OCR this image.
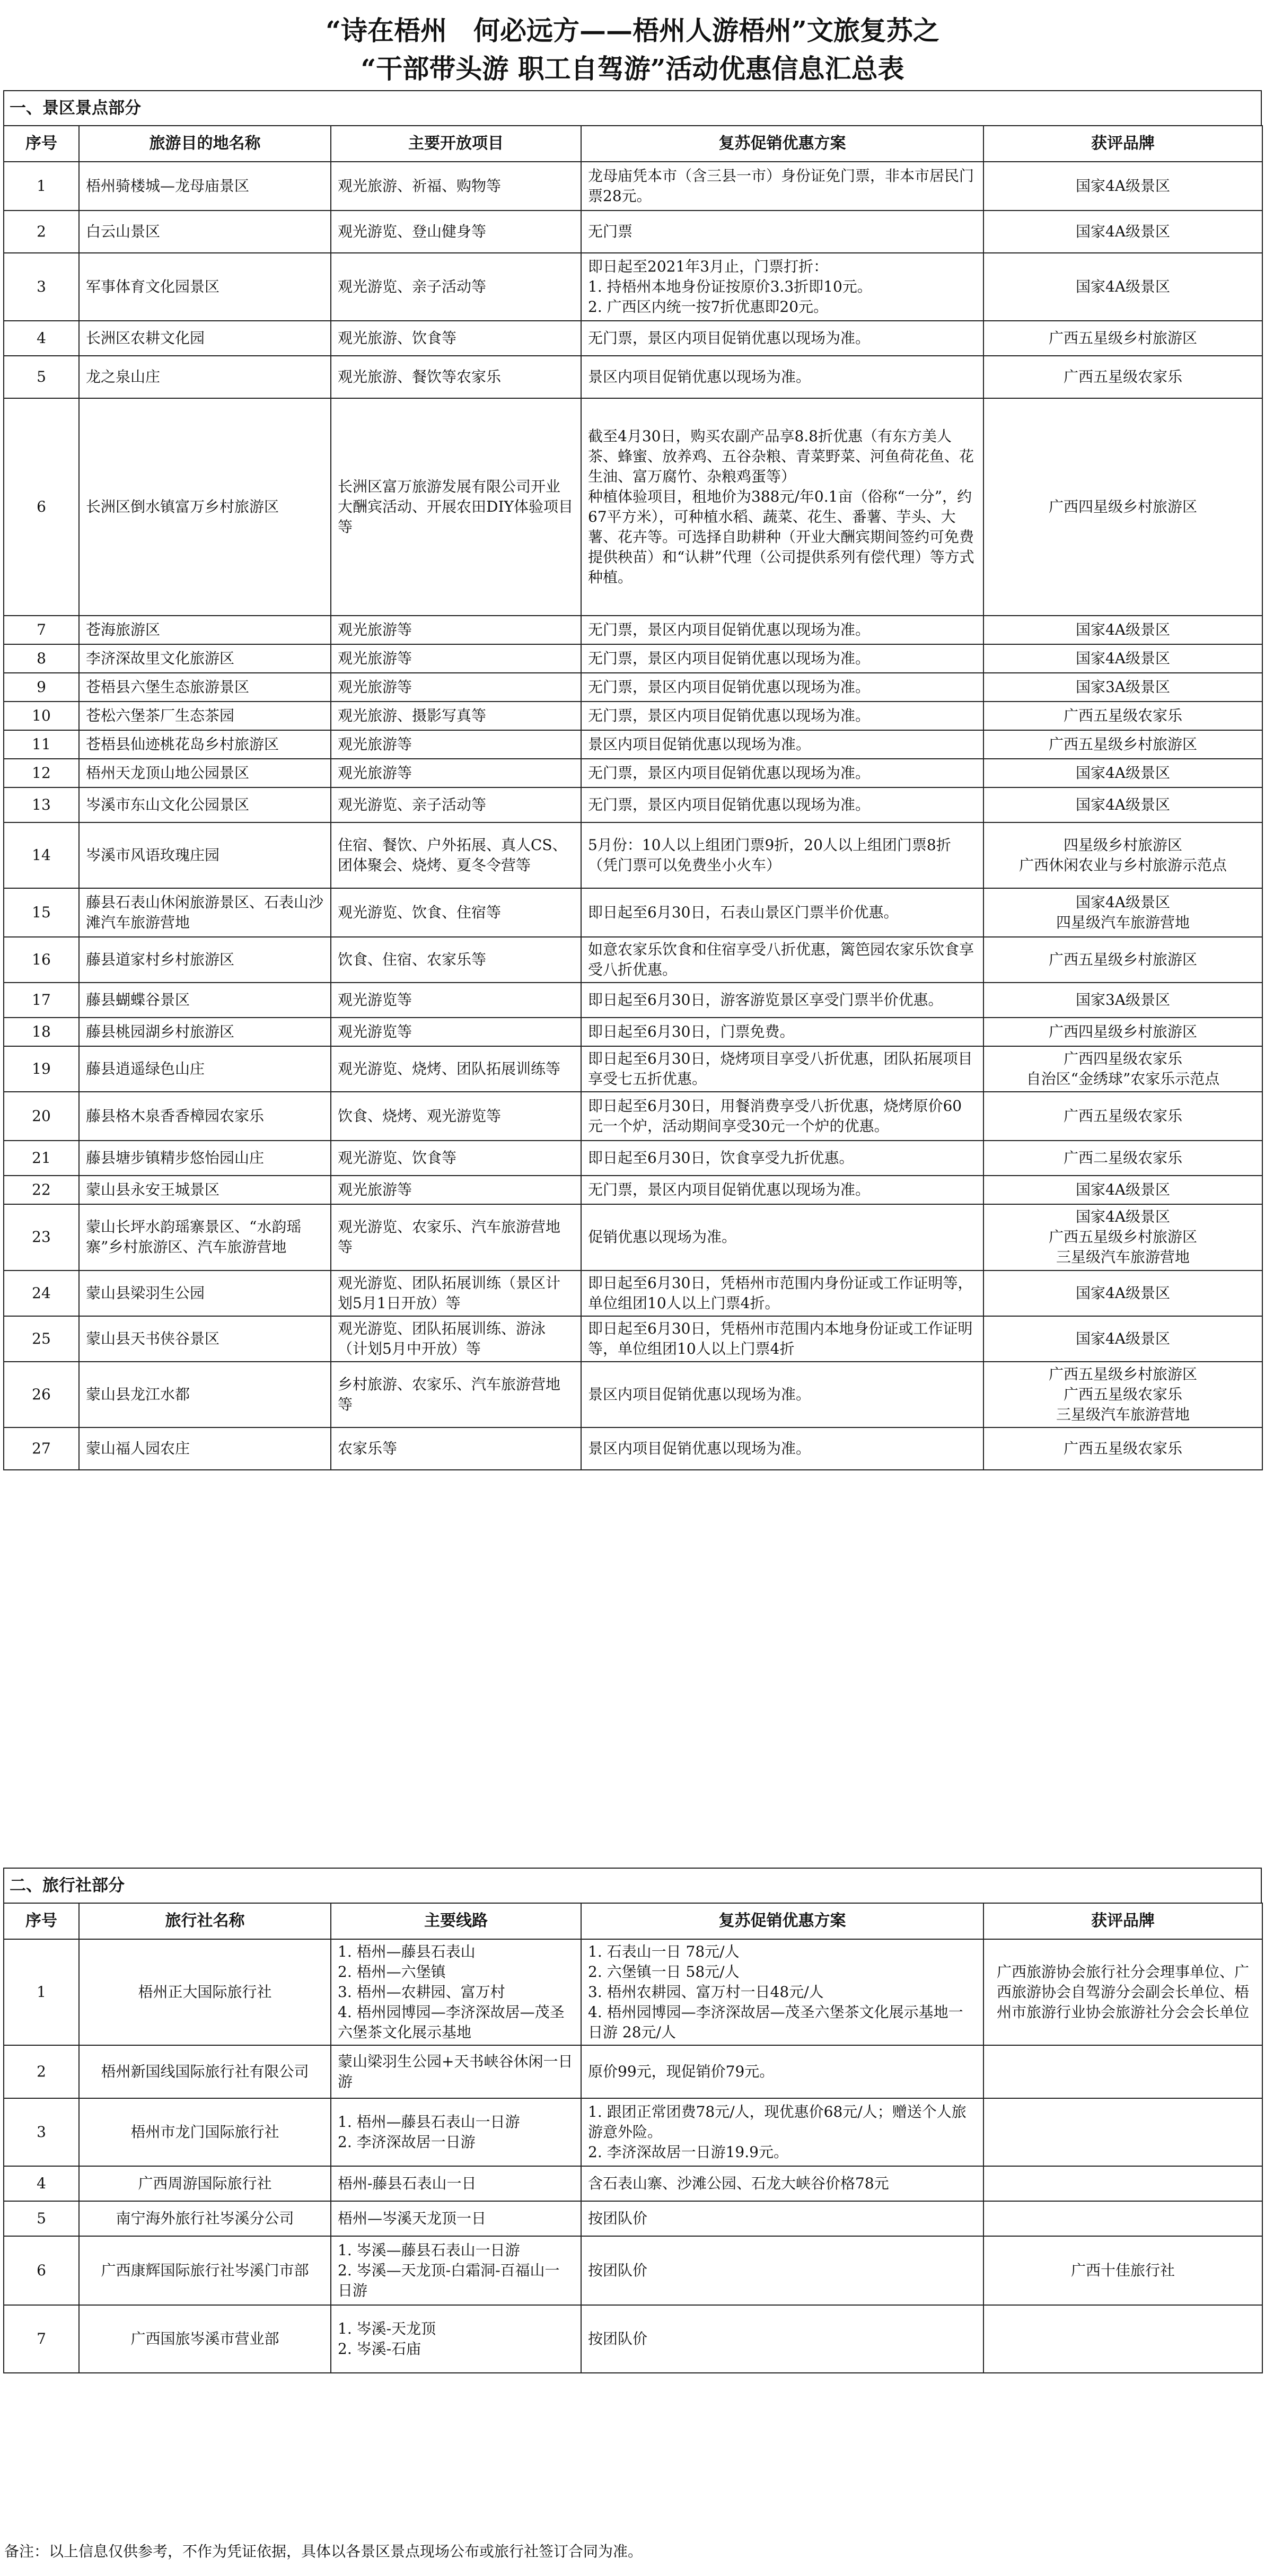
“诗在梧州　何必远方——梧州人游梧州”文旅复苏之
“干部带头游 职工自驾游”活动优惠信息汇总表
一、景区景点部分
序号	旅游目的地名称	主要开放项目	复苏促销优惠方案	获评品牌
1	梧州骑楼城—龙母庙景区	观光旅游、祈福、购物等	龙母庙凭本市（含三县一市）身份证免门票，非本市居民门票28元。	国家4A级景区
2	白云山景区	观光游览、登山健身等	无门票	国家4A级景区
3	军事体育文化园景区	观光游览、亲子活动等	即日起至2021年3月止，门票打折：
1. 持梧州本地身份证按原价3.3折即10元。
2. 广西区内统一按7折优惠即20元。	国家4A级景区
4	长洲区农耕文化园	观光旅游、饮食等	无门票，景区内项目促销优惠以现场为准。	广西五星级乡村旅游区
5	龙之泉山庄	观光旅游、餐饮等农家乐	景区内项目促销优惠以现场为准。	广西五星级农家乐
6	长洲区倒水镇富万乡村旅游区	长洲区富万旅游发展有限公司开业大酬宾活动、开展农田DIY体验项目等	截至4月30日，购买农副产品享8.8折优惠（有东方美人茶、蜂蜜、放养鸡、五谷杂粮、青菜野菜、河鱼荷花鱼、花生油、富万腐竹、杂粮鸡蛋等）
种植体验项目，租地价为388元/年0.1亩（俗称“一分”，约67平方米），可种植水稻、蔬菜、花生、番薯、芋头、大薯、花卉等。可选择自助耕种（开业大酬宾期间签约可免费提供秧苗）和“认耕”代理（公司提供系列有偿代理）等方式种植。	广西四星级乡村旅游区
7	苍海旅游区	观光旅游等	无门票，景区内项目促销优惠以现场为准。	国家4A级景区
8	李济深故里文化旅游区	观光旅游等	无门票，景区内项目促销优惠以现场为准。	国家4A级景区
9	苍梧县六堡生态旅游景区	观光旅游等	无门票，景区内项目促销优惠以现场为准。	国家3A级景区
10	苍松六堡茶厂生态茶园	观光旅游、摄影写真等	无门票，景区内项目促销优惠以现场为准。	广西五星级农家乐
11	苍梧县仙迹桃花岛乡村旅游区	观光旅游等	景区内项目促销优惠以现场为准。	广西五星级乡村旅游区
12	梧州天龙顶山地公园景区	观光旅游等	无门票，景区内项目促销优惠以现场为准。	国家4A级景区
13	岑溪市东山文化公园景区	观光游览、亲子活动等	无门票，景区内项目促销优惠以现场为准。	国家4A级景区
14	岑溪市风语玫瑰庄园	住宿、餐饮、户外拓展、真人CS、团体聚会、烧烤、夏冬令营等	5月份：10人以上组团门票9折，20人以上组团门票8折（凭门票可以免费坐小火车）	四星级乡村旅游区
广西休闲农业与乡村旅游示范点
15	藤县石表山休闲旅游景区、石表山沙滩汽车旅游营地	观光游览、饮食、住宿等	即日起至6月30日，石表山景区门票半价优惠。	国家4A级景区
四星级汽车旅游营地
16	藤县道家村乡村旅游区	饮食、住宿、农家乐等	如意农家乐饮食和住宿享受八折优惠，篱笆园农家乐饮食享受八折优惠。	广西五星级乡村旅游区
17	藤县蝴蝶谷景区	观光游览等	即日起至6月30日，游客游览景区享受门票半价优惠。	国家3A级景区
18	藤县桃园湖乡村旅游区	观光游览等	即日起至6月30日，门票免费。	广西四星级乡村旅游区
19	藤县逍遥绿色山庄	观光游览、烧烤、团队拓展训练等	即日起至6月30日，烧烤项目享受八折优惠，团队拓展项目享受七五折优惠。	广西四星级农家乐
自治区“金绣球”农家乐示范点
20	藤县格木泉香香樟园农家乐	饮食、烧烤、观光游览等	即日起至6月30日，用餐消费享受八折优惠，烧烤原价60元一个炉，活动期间享受30元一个炉的优惠。	广西五星级农家乐
21	藤县塘步镇精步悠怡园山庄	观光游览、饮食等	即日起至6月30日，饮食享受九折优惠。	广西二星级农家乐
22	蒙山县永安王城景区	观光旅游等	无门票，景区内项目促销优惠以现场为准。	国家4A级景区
23	蒙山长坪水韵瑶寨景区、“水韵瑶寨”乡村旅游区、汽车旅游营地	观光游览、农家乐、汽车旅游营地等	促销优惠以现场为准。	国家4A级景区
广西五星级乡村旅游区
三星级汽车旅游营地
24	蒙山县梁羽生公园	观光游览、团队拓展训练（景区计划5月1日开放）等	即日起至6月30日，凭梧州市范围内身份证或工作证明等，单位组团10人以上门票4折。	国家4A级景区
25	蒙山县天书侠谷景区	观光游览、团队拓展训练、游泳（计划5月中开放）等	即日起至6月30日，凭梧州市范围内本地身份证或工作证明等，单位组团10人以上门票4折	国家4A级景区
26	蒙山县龙江水都	乡村旅游、农家乐、汽车旅游营地等	景区内项目促销优惠以现场为准。	广西五星级乡村旅游区
广西五星级农家乐
三星级汽车旅游营地
27	蒙山福人园农庄	农家乐等	景区内项目促销优惠以现场为准。	广西五星级农家乐
二、旅行社部分
序号	旅行社名称	主要线路	复苏促销优惠方案	获评品牌
1	梧州正大国际旅行社	1. 梧州—藤县石表山
2. 梧州—六堡镇
3. 梧州—农耕园、富万村
4. 梧州园博园—李济深故居—茂圣六堡茶文化展示基地	1. 石表山一日 78元/人
2. 六堡镇一日 58元/人
3. 梧州农耕园、富万村一日48元/人
4. 梧州园博园—李济深故居—茂圣六堡茶文化展示基地一日游 28元/人	广西旅游协会旅行社分会理事单位、广西旅游协会自驾游分会副会长单位、梧州市旅游行业协会旅游社分会会长单位
2	梧州新国线国际旅行社有限公司	蒙山梁羽生公园+天书峡谷休闲一日游	原价99元，现促销价79元。	
3	梧州市龙门国际旅行社	1. 梧州—藤县石表山一日游
2. 李济深故居一日游	1. 跟团正常团费78元/人，现优惠价68元/人；赠送个人旅游意外险。
2. 李济深故居一日游19.9元。	
4	广西周游国际旅行社	梧州-藤县石表山一日	含石表山寨、沙滩公园、石龙大峡谷价格78元	
5	南宁海外旅行社岑溪分公司	梧州—岑溪天龙顶一日	按团队价	
6	广西康辉国际旅行社岑溪门市部	1. 岑溪—藤县石表山一日游
2. 岑溪—天龙顶-白霜洞-百福山一日游	按团队价	广西十佳旅行社
7	广西国旅岑溪市营业部	1. 岑溪-天龙顶
2. 岑溪-石庙	按团队价	
备注：以上信息仅供参考，不作为凭证依据，具体以各景区景点现场公布或旅行社签订合同为准。
